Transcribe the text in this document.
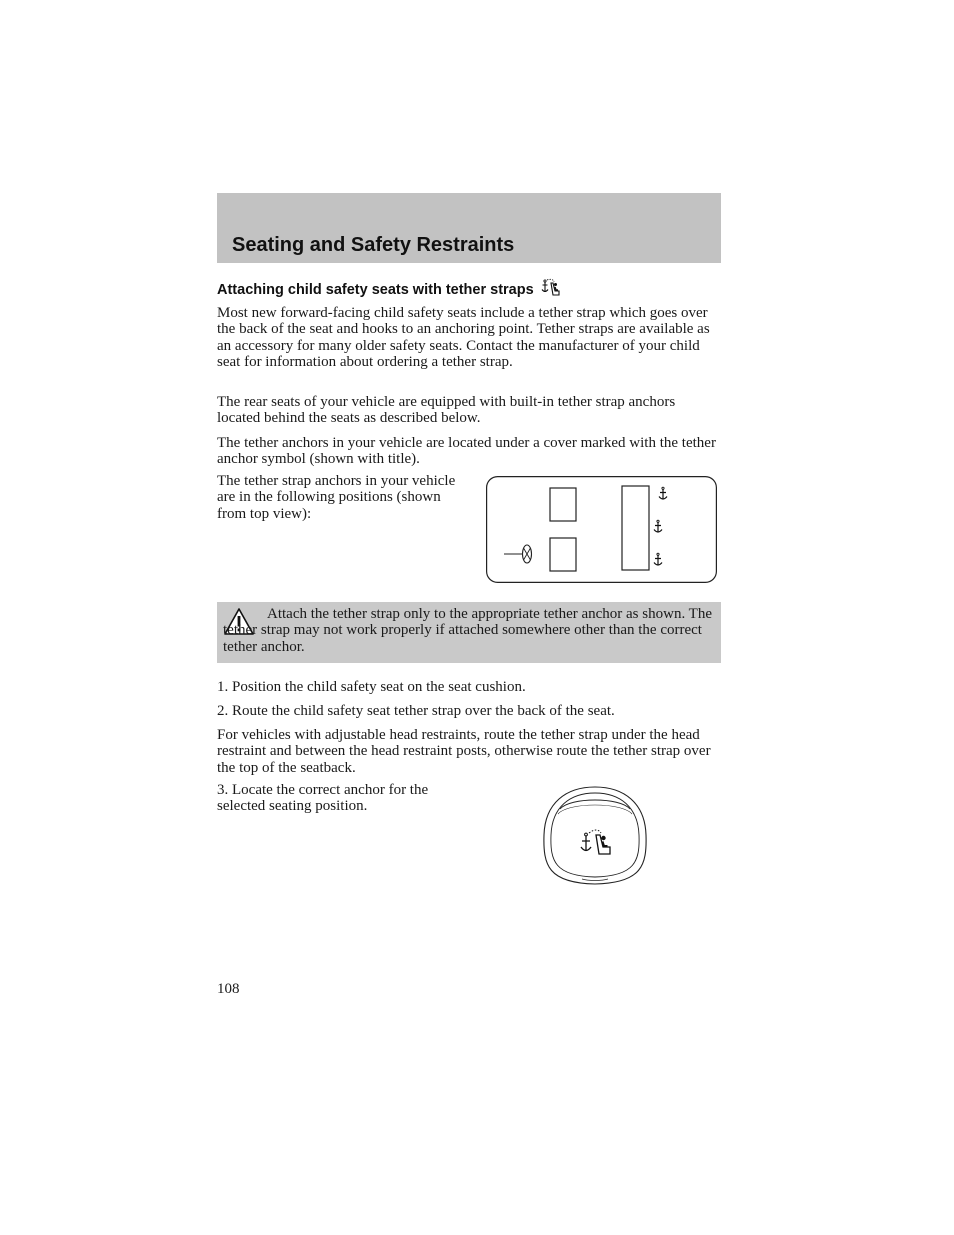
Seating and Safety Restraints
Attaching child safety seats with tether straps

Most new forward-facing child safety seats include a tether strap which goes over the back of the seat and hooks to an anchoring point. Tether straps are available as an accessory for many older safety seats. Contact the manufacturer of your child seat for information about ordering a tether strap.

The rear seats of your vehicle are equipped with built-in tether strap anchors located behind the seats as described below.

The tether anchors in your vehicle are located under a cover marked with the tether anchor symbol (shown with title).

The tether strap anchors in your vehicle are in the following positions (shown from top view):

Attach the tether strap only to the appropriate tether anchor as shown. The tether strap may not work properly if attached somewhere other than the correct tether anchor.

1. Position the child safety seat on the seat cushion.

2. Route the child safety seat tether strap over the back of the seat.

For vehicles with adjustable head restraints, route the tether strap under the head restraint and between the head restraint posts, otherwise route the tether strap over the top of the seatback.

3. Locate the correct anchor for the selected seating position.

108
